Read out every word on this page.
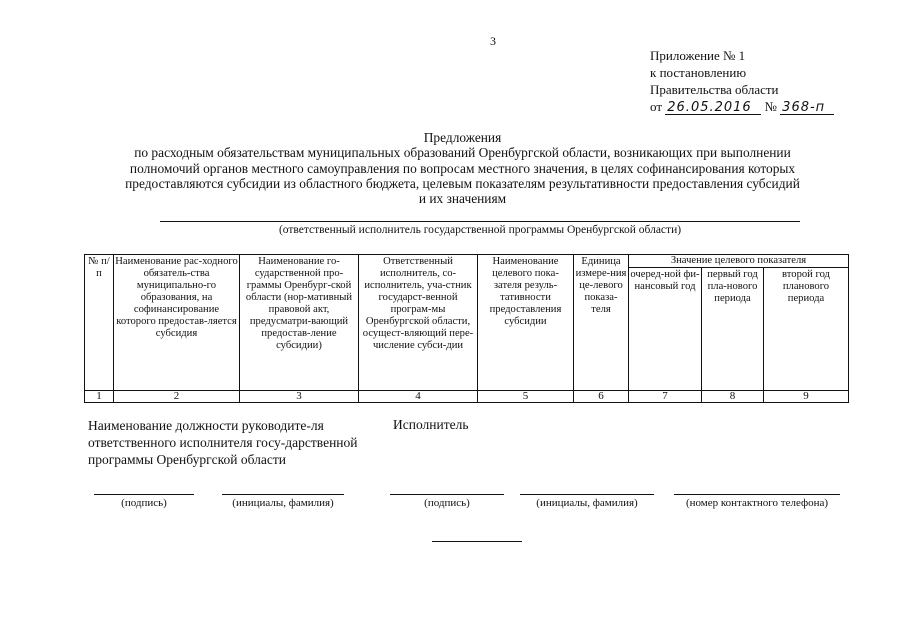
3
Приложение № 1
к постановлению
Правительства области
от 26.05.2016 № 368-п
Предложения
по расходным обязательствам муниципальных образований Оренбургской области, возникающих при выполнении полномочий органов местного самоуправления по вопросам местного значения, в целях софинансирования которых предоставляются субсидии из областного бюджета, целевым показателям результативности предоставления субсидий и их значениям
(ответственный исполнитель государственной программы Оренбургской области)
№ п/п	Наименование рас-ходного обязатель-ства муниципально-го образования, на софинансирование которого предостав-ляется субсидия	Наименование го-сударственной про-граммы Оренбург-ской области (нор-мативный правовой акт, предусматри-вающий предостав-ление субсидии)	Ответственный исполнитель, со-исполнитель, уча-стник государст-венной програм-мы Оренбургской области, осущест-вляющий пере-числение субси-дии	Наименование целевого пока-зателя резуль-тативности предоставления субсидии	Единица измере-ния це-левого показа-теля	Значение целевого показателя		
						очеред-ной фи-нансовый год	первый год пла-нового периода	второй год планового периода
1	2	3	4	5	6	7	8	9
Наименование должности руководите-ля ответственного исполнителя госу-дарственной программы Оренбургской области
Исполнитель
(подпись)	(инициалы, фамилия)	(подпись)	(инициалы, фамилия)	(номер контактного телефона)
